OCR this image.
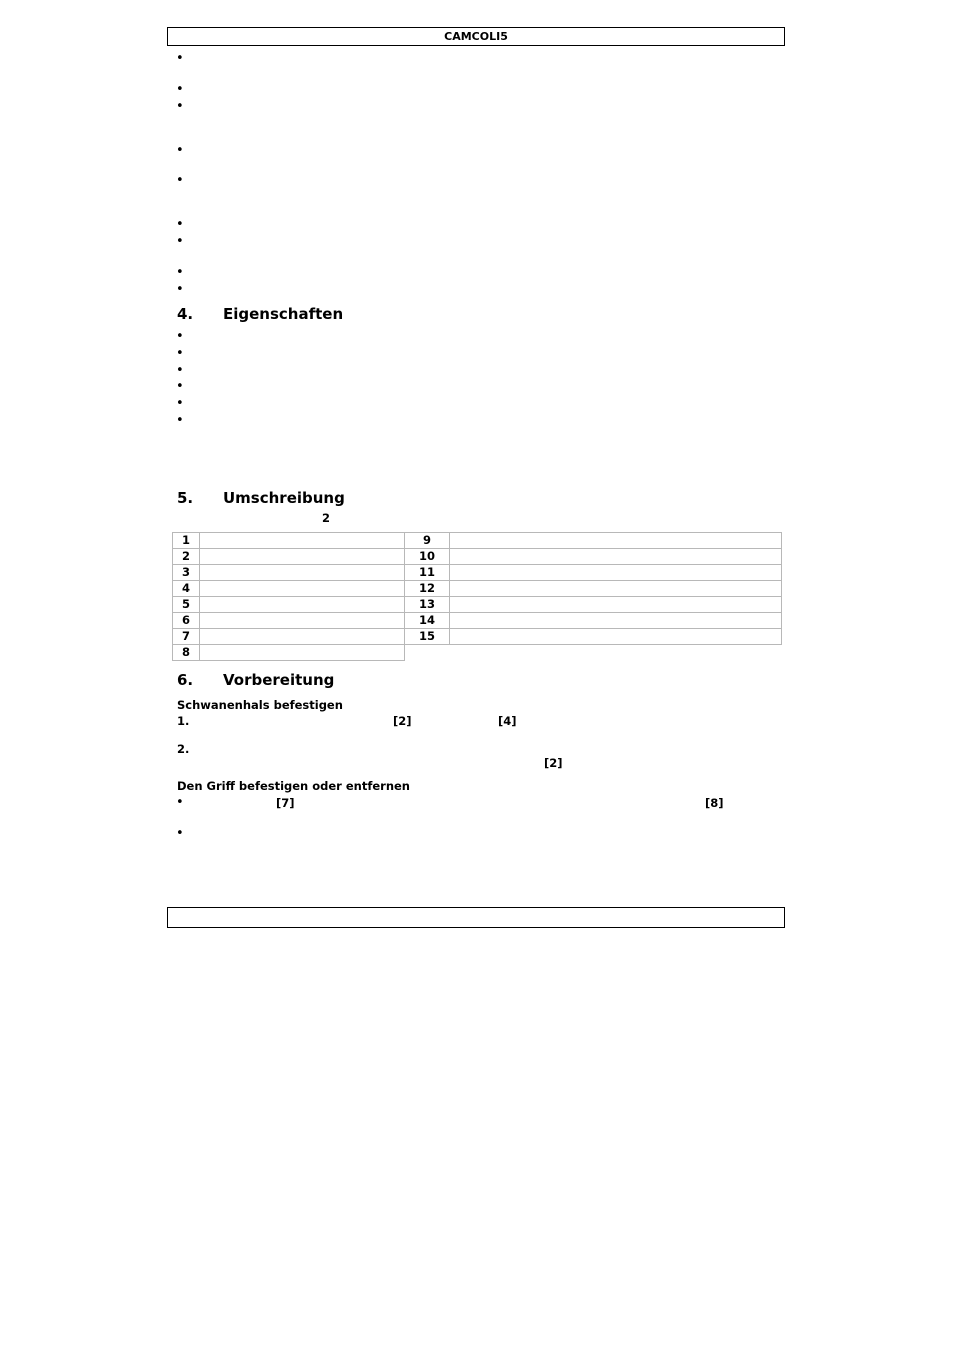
CAMCOLI5
•
•
•
•
•
•
•
•
•
4. Eigenschaften
•
•
•
•
•
•
5. Umschreibung
2
1		9	
2		10	
3		11	
4		12	
5		13	
6		14	
7		15	
8			
6. Vorbereitung
Schwanenhals befestigen
1.	[2]	[4]
2.
[2]
Den Griff befestigen oder entfernen
•	[7]	[8]
•
